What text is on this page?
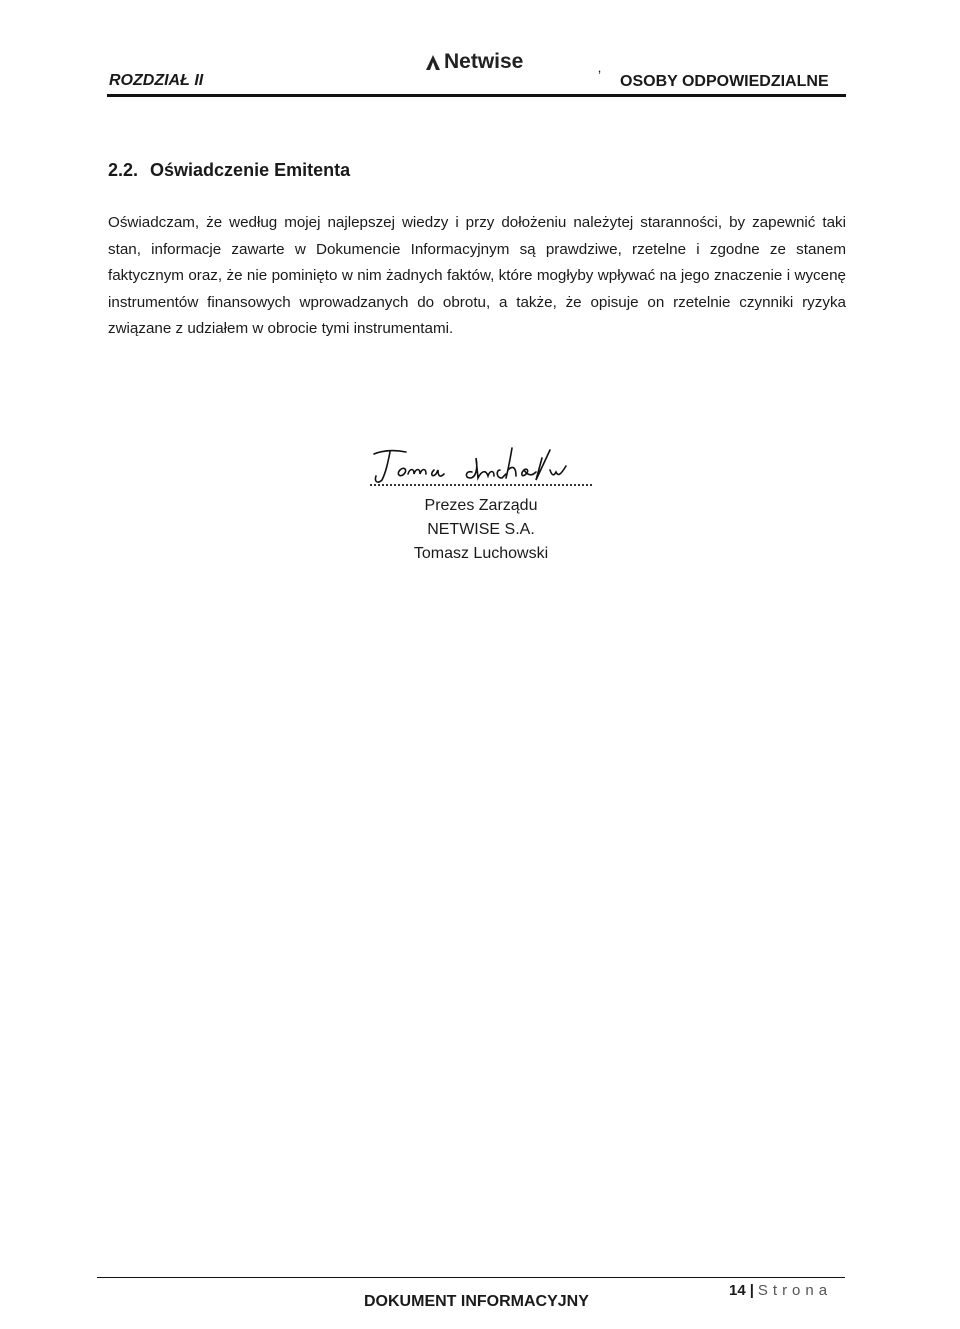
ROZDZIAŁ II
Netwise
ʼ OSOBY ODPOWIEDZIALNE
2.2. Oświadczenie Emitenta

Oświadczam, że według mojej najlepszej wiedzy i przy dołożeniu należytej staranności, by zapewnić taki stan, informacje zawarte w Dokumencie Informacyjnym są prawdziwe, rzetelne i zgodne ze stanem faktycznym oraz, że nie pominięto w nim żadnych faktów, które mogłyby wpływać na jego znaczenie i wycenę instrumentów finansowych wprowadzanych do obrotu, a także, że opisuje on rzetelnie czynniki ryzyka związane z udziałem w obrocie tymi instrumentami.

Prezes Zarządu
NETWISE S.A.
Tomasz Luchowski
DOKUMENT INFORMACYJNY
14 | Strona
